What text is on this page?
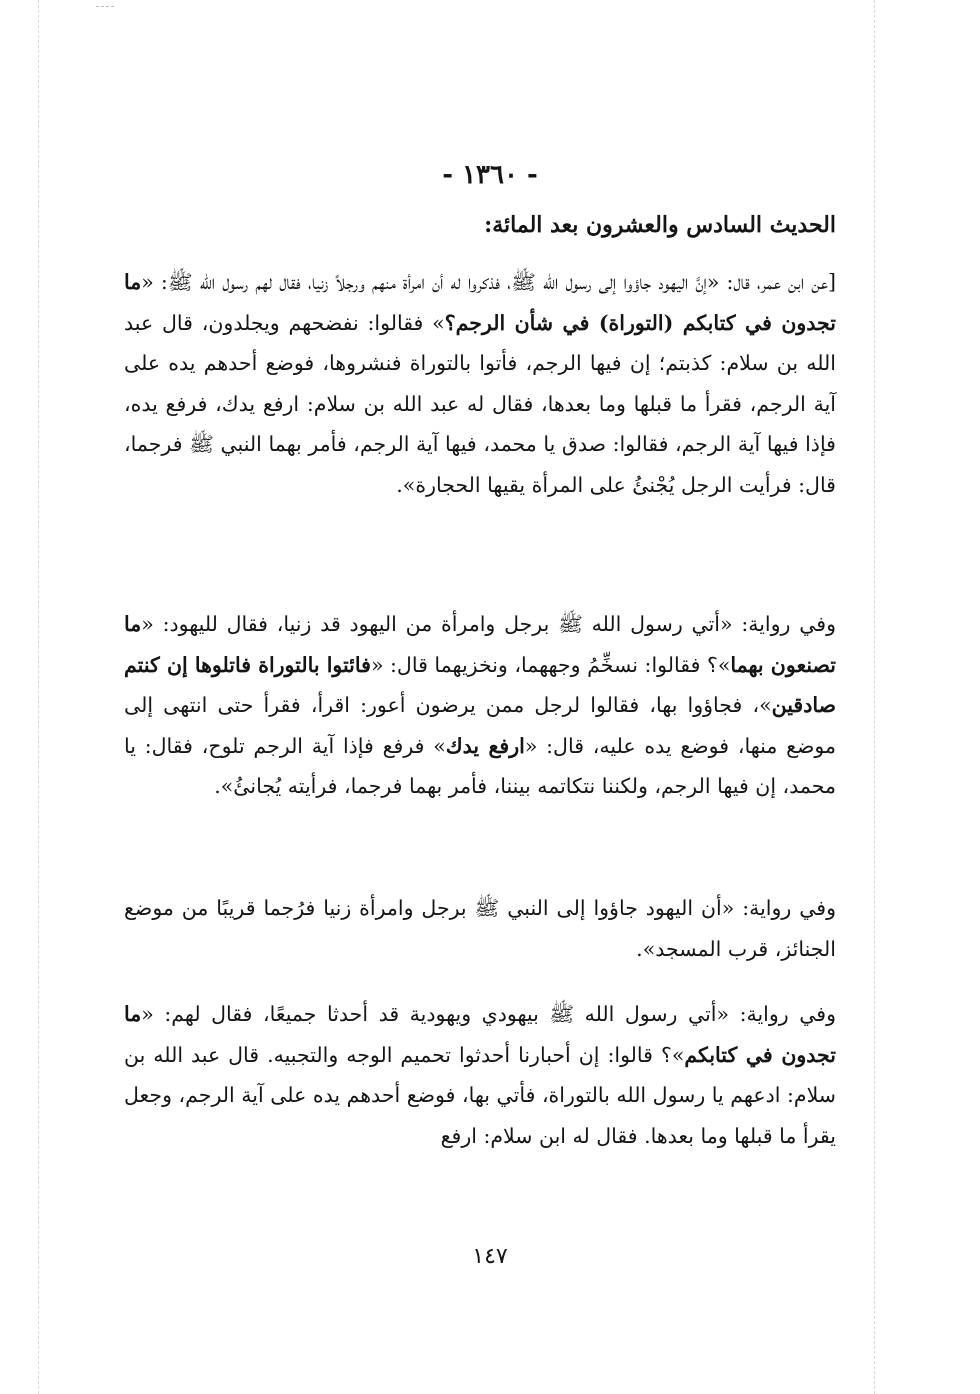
- ١٣٦٠ -
الحديث السادس والعشرون بعد المائة:

[عن ابن عمر، قال: «إنَّ اليهود جاؤوا إلى رسول الله ﷺ، فذكروا له أن امرأة منهم ورجلاً زنيا، فقال لهم رسول الله ﷺ: «ما تجدون في كتابكم (التوراة) في شأن الرجم؟» فقالوا: نفضحهم ويجلدون، قال عبد الله بن سلام: كذبتم؛ إن فيها الرجم، فأتوا بالتوراة فنشروها، فوضع أحدهم يده على آية الرجم، فقرأ ما قبلها وما بعدها، فقال له عبد الله بن سلام: ارفع يدك، فرفع يده، فإذا فيها آية الرجم، فقالوا: صدق يا محمد، فيها آية الرجم، فأمر بهما النبي ﷺ فرجما، قال: فرأيت الرجل يُجْنئُ على المرأة يقيها الحجارة».

وفي رواية: «أتي رسول الله ﷺ برجل وامرأة من اليهود قد زنيا، فقال لليهود: «ما تصنعون بهما»؟ فقالوا: نسخِّمُ وجههما، ونخزيهما قال: «فائتوا بالتوراة فاتلوها إن كنتم صادقين»، فجاؤوا بها، فقالوا لرجل ممن يرضون أعور: اقرأ، فقرأ حتى انتهى إلى موضع منها، فوضع يده عليه، قال: «ارفع يدك» فرفع فإذا آية الرجم تلوح، فقال: يا محمد، إن فيها الرجم، ولكننا نتكاتمه بيننا، فأمر بهما فرجما، فرأيته يُجانئُ».

وفي رواية: «أن اليهود جاؤوا إلى النبي ﷺ برجل وامرأة زنيا فرُجما قريبًا من موضع الجنائز، قرب المسجد».

وفي رواية: «أتي رسول الله ﷺ بيهودي ويهودية قد أحدثا جميعًا، فقال لهم: «ما تجدون في كتابكم»؟ قالوا: إن أحبارنا أحدثوا تحميم الوجه والتجبيه. قال عبد الله بن سلام: ادعهم يا رسول الله بالتوراة، فأتي بها، فوضع أحدهم يده على آية الرجم، وجعل يقرأ ما قبلها وما بعدها. فقال له ابن سلام: ارفع

١٤٧
